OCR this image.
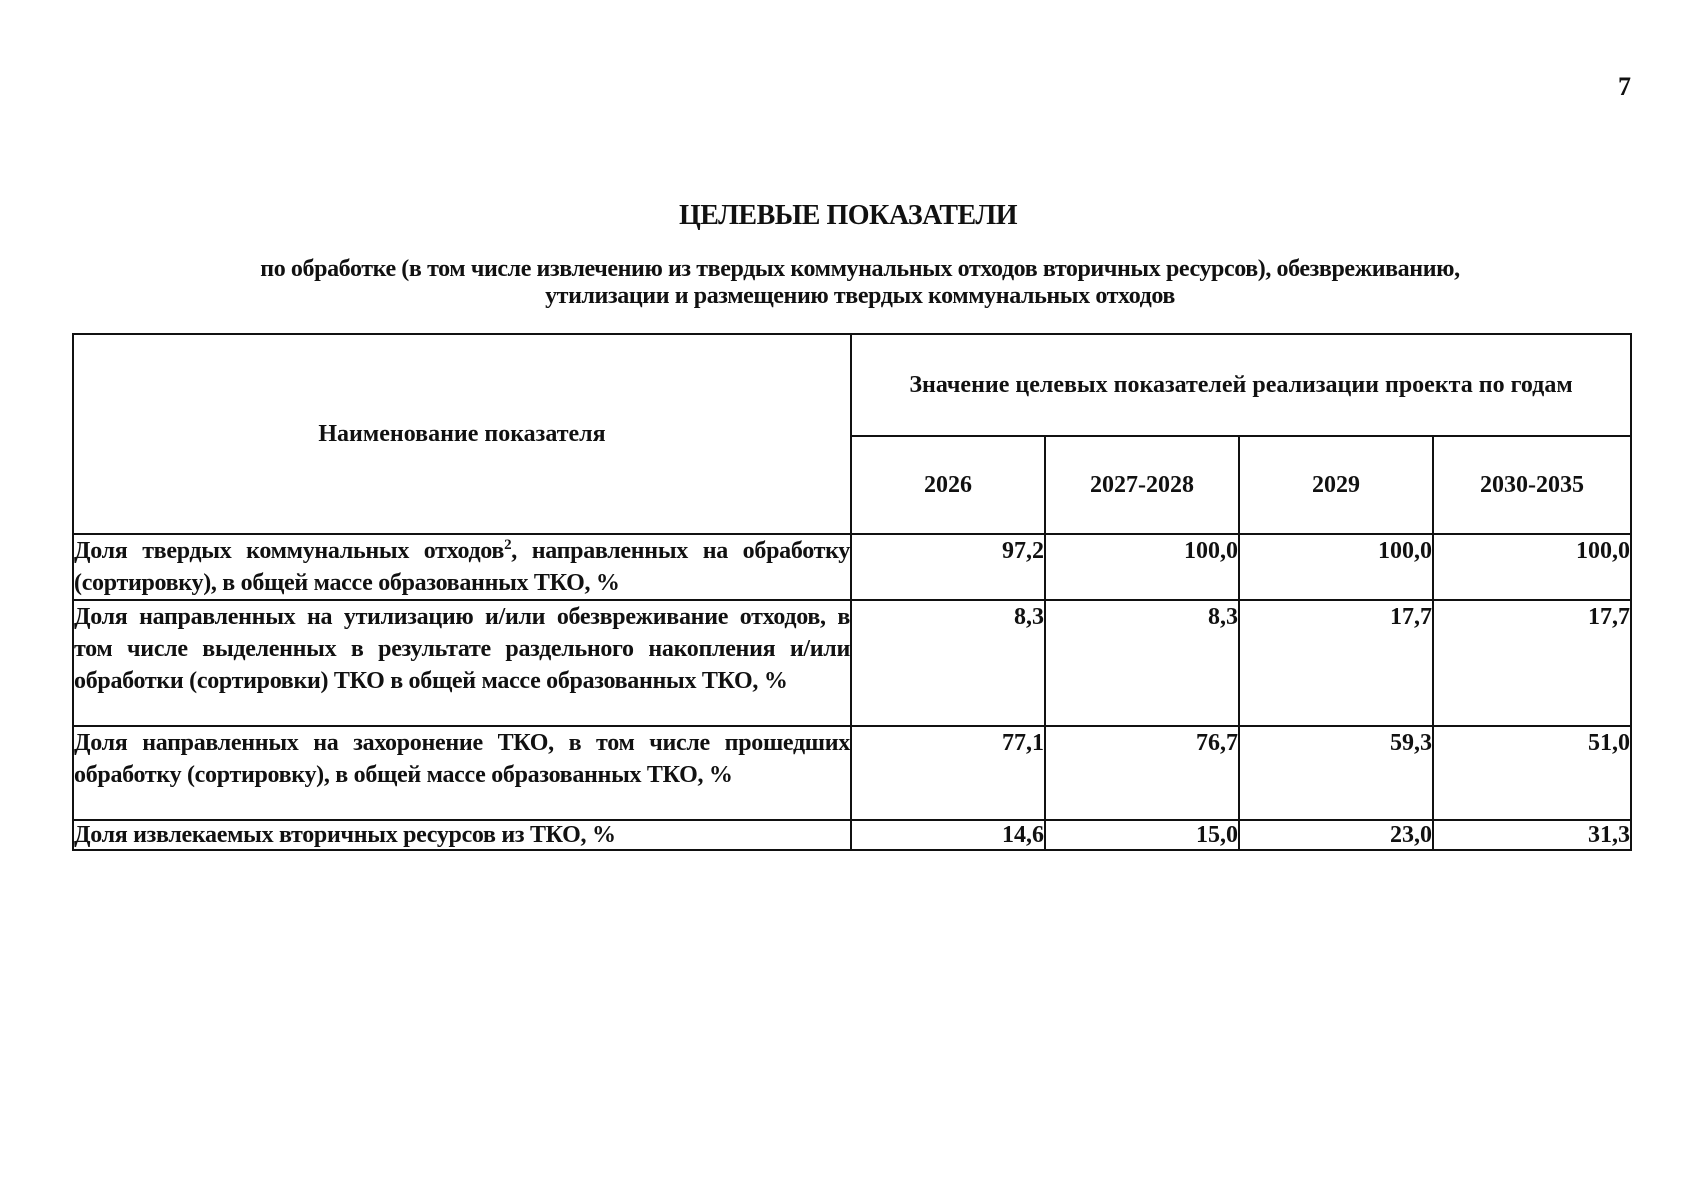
7
ЦЕЛЕВЫЕ ПОКАЗАТЕЛИ
по обработке (в том числе извлечению из твердых коммунальных отходов вторичных ресурсов), обезвреживанию,
утилизации и размещению твердых коммунальных отходов
Наименование показателя	Значение целевых показателей реализации проекта по годам			
	2026	2027-2028	2029	2030-2035
Доля твердых коммунальных отходов$^2$, направленных на обработку (сортировку), в общей массе образованных ТКО, %	97,2	100,0	100,0	100,0
Доля направленных на утилизацию и/или обезвреживание отходов, в том числе выделенных в результате раздельного накопления и/или обработки (сортировки) ТКО в общей массе образованных ТКО, %	8,3	8,3	17,7	17,7
Доля направленных на захоронение ТКО, в том числе прошедших обработку (сортировку), в общей массе образованных ТКО, %	77,1	76,7	59,3	51,0
Доля извлекаемых вторичных ресурсов из ТКО, %	14,6	15,0	23,0	31,3
